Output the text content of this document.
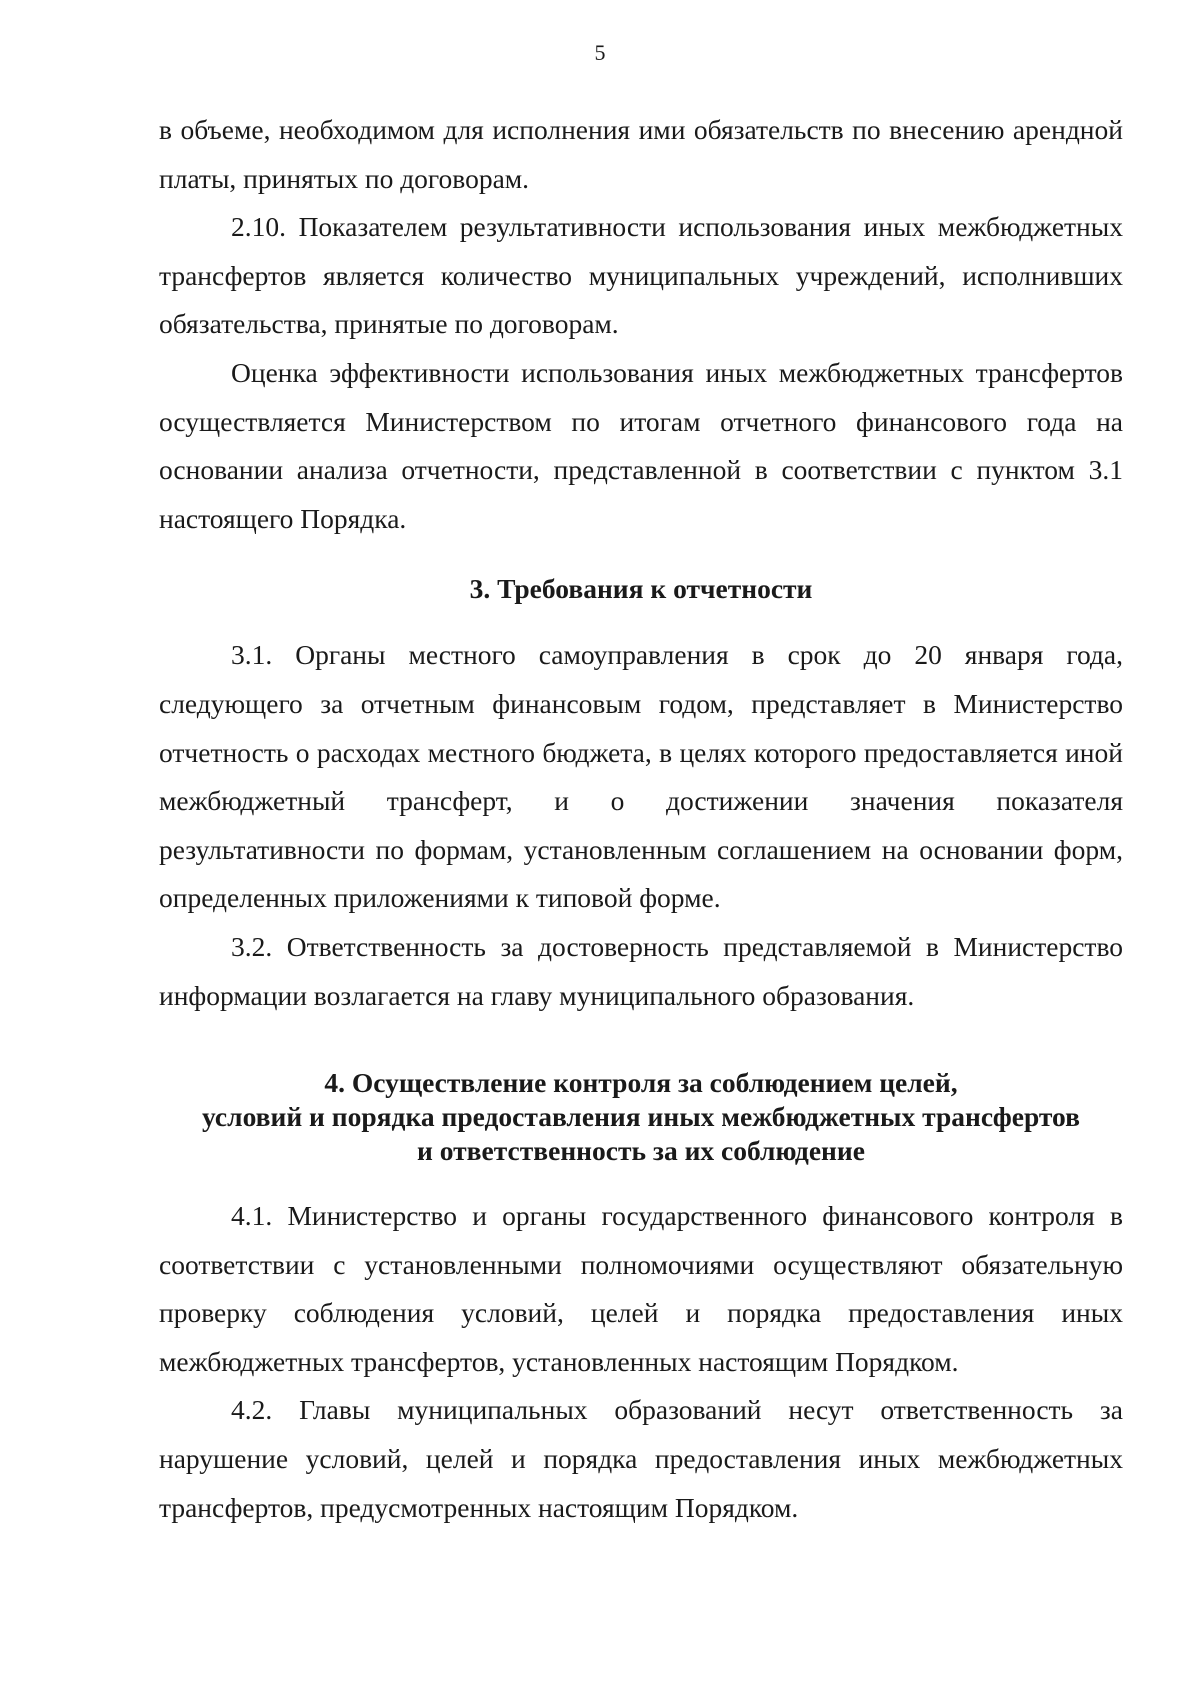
5

в объеме, необходимом для исполнения ими обязательств по внесению арендной платы, принятых по договорам.

2.10. Показателем результативности использования иных межбюджетных трансфертов является количество муниципальных учреждений, исполнивших обязательства, принятые по договорам.

Оценка эффективности использования иных межбюджетных трансфертов осуществляется Министерством по итогам отчетного финансового года на основании анализа отчетности, представленной в соответствии с пунктом 3.1 настоящего Порядка.

3. Требования к отчетности

3.1. Органы местного самоуправления в срок до 20 января года, следующего за отчетным финансовым годом, представляет в Министерство отчетность о расходах местного бюджета, в целях которого предоставляется иной межбюджетный трансферт, и о достижении значения показателя результативности по формам, установленным соглашением на основании форм, определенных приложениями к типовой форме.

3.2. Ответственность за достоверность представляемой в Министерство информации возлагается на главу муниципального образования.

4. Осуществление контроля за соблюдением целей,
условий и порядка предоставления иных межбюджетных трансфертов
и ответственность за их соблюдение

4.1. Министерство и органы государственного финансового контроля в соответствии с установленными полномочиями осуществляют обязательную проверку соблюдения условий, целей и порядка предоставления иных межбюджетных трансфертов, установленных настоящим Порядком.

4.2. Главы муниципальных образований несут ответственность за нарушение условий, целей и порядка предоставления иных межбюджетных трансфертов, предусмотренных настоящим Порядком.
